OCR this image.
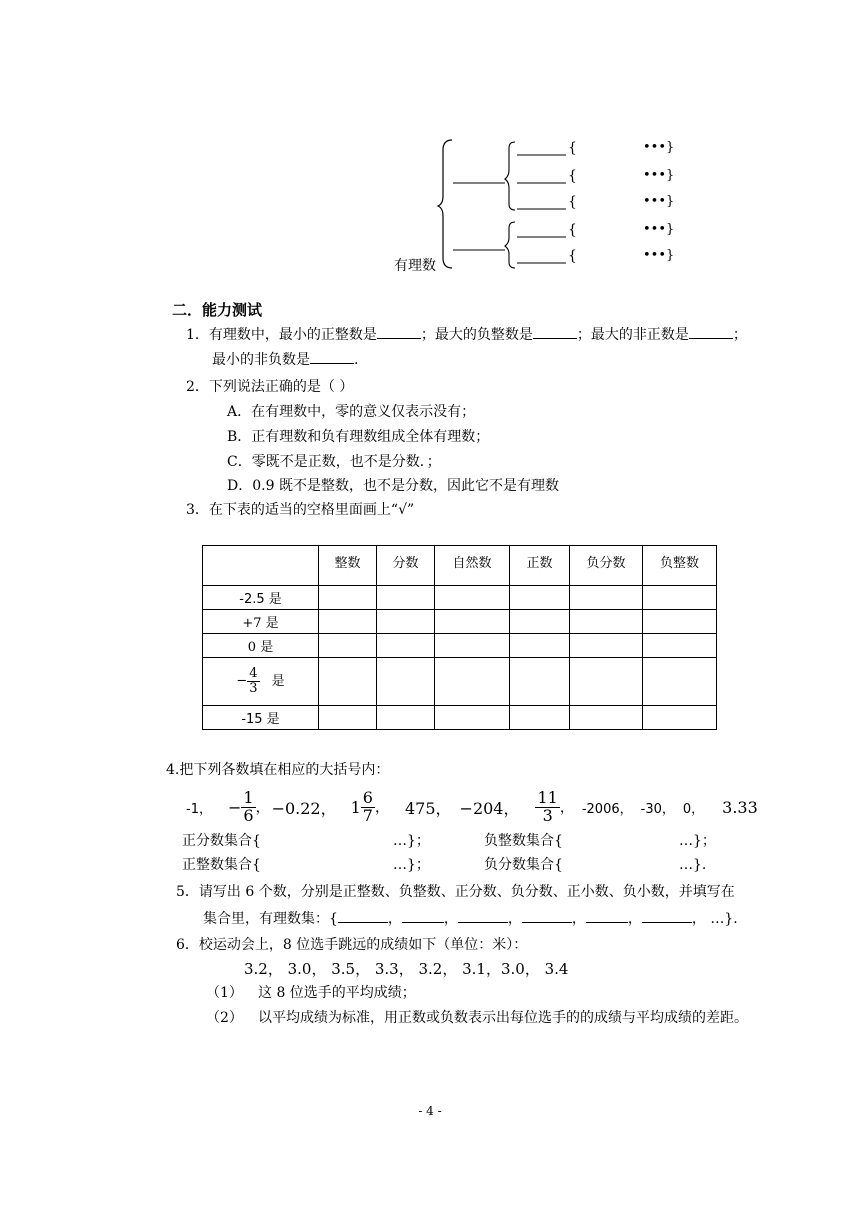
{
{
{
{
{
•••}
•••}
•••}
•••}
•••}
有理数
二．能力测试
1．有理数中，最小的正整数是	；最大的负整数是	；最大的非正数是	；
最小的非负数是	.
2．下列说法正确的是（ ）
A．在有理数中，零的意义仅表示没有；
B．正有理数和负有理数组成全体有理数；
C．零既不是正数，也不是分数．；
D．0.9 既不是整数，也不是分数，因此它不是有理数
3．在下表的适当的空格里面画上“√”
	整数	分数	自然数	正数	负分数	负整数
-2.5 是						
+7 是						
0 是						
− $\frac{4}{3}$ 是						
-15 是						
4.把下列各数填在相应的大括号内：
-1， − $\frac{1}{6}$ ， −0.22， $1 \frac{6}{7}$ ， 475， −204， $\frac{11}{3}$ ， -2006， -30， 0， 3.33
正分数集合{	…}；	负整数集合{	…}；
正整数集合{	…}；	负分数集合{	…}.
5．请写出 6 个数，分别是正整数、负整数、正分数、负分数、正小数、负小数，并填写在
集合里，有理数集：{	，	，	，	，	，	， …}.
6．校运动会上，8 位选手跳远的成绩如下（单位：米）：
3.2， 3.0， 3.5， 3.3， 3.2， 3.1，3.0， 3.4
（1） 这 8 位选手的平均成绩；
（2） 以平均成绩为标准，用正数或负数表示出每位选手的的成绩与平均成绩的差距。
- 4 -
